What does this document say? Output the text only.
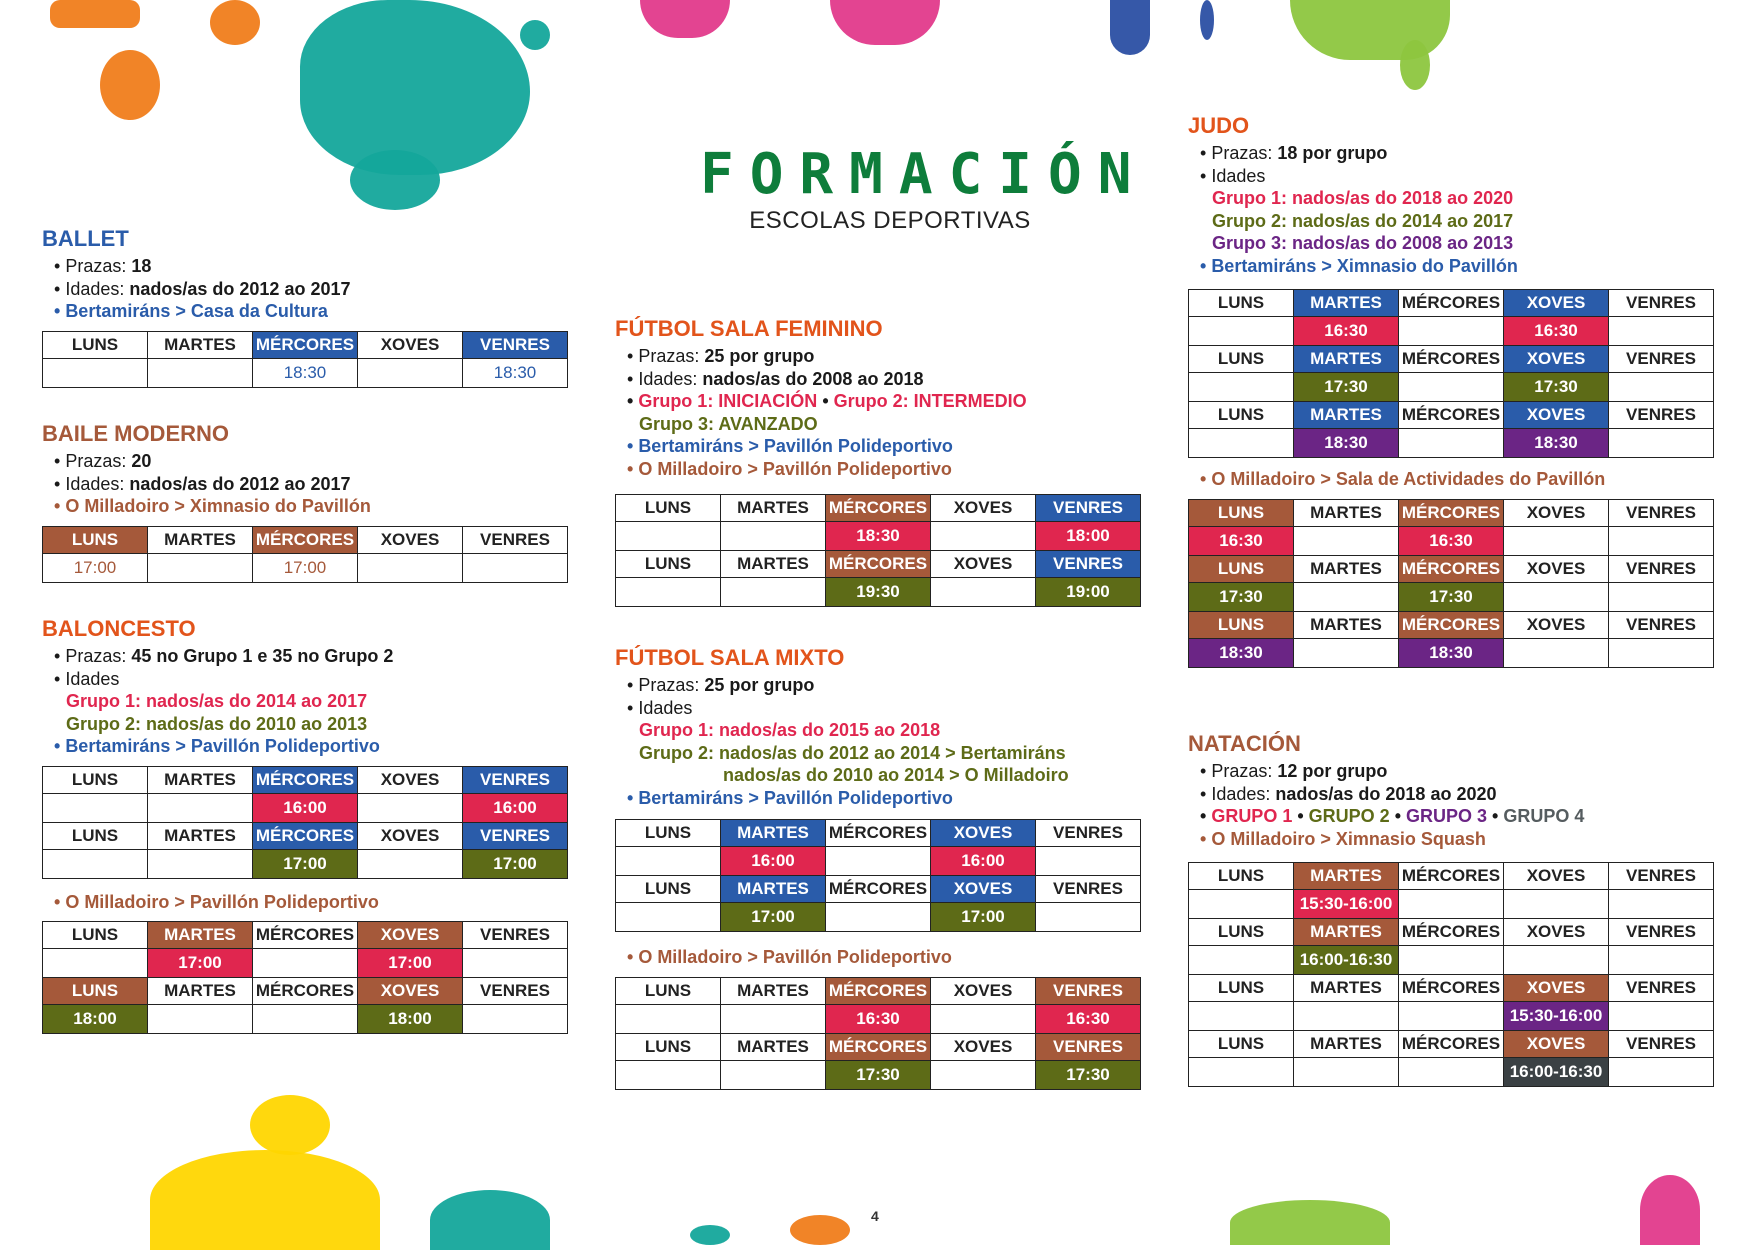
FORMACIÓN
ESCOLAS DEPORTIVAS
BALLET
• Prazas: 18
• Idades: nados/as do 2012 ao 2017
• Bertamiráns > Casa da Cultura
LUNS	MARTES	MÉRCORES	XOVES	VENRES
		18:30		18:30
BAILE MODERNO
• Prazas: 20
• Idades: nados/as do 2012 ao 2017
• O Milladoiro > Ximnasio do Pavillón
LUNS	MARTES	MÉRCORES	XOVES	VENRES
17:00		17:00		
BALONCESTO
• Prazas: 45 no Grupo 1 e 35 no Grupo 2
• Idades
Grupo 1: nados/as do 2014 ao 2017
Grupo 2: nados/as do 2010 ao 2013
• Bertamiráns > Pavillón Polideportivo
LUNS	MARTES	MÉRCORES	XOVES	VENRES
		16:00		16:00
LUNS	MARTES	MÉRCORES	XOVES	VENRES
		17:00		17:00
• O Milladoiro > Pavillón Polideportivo
LUNS	MARTES	MÉRCORES	XOVES	VENRES
	17:00		17:00	
LUNS	MARTES	MÉRCORES	XOVES	VENRES
18:00			18:00	
FÚTBOL SALA FEMININO
• Prazas: 25 por grupo
• Idades: nados/as do 2008 ao 2018
• Grupo 1: INICIACIÓN • Grupo 2: INTERMEDIO
Grupo 3: AVANZADO
• Bertamiráns > Pavillón Polideportivo
• O Milladoiro > Pavillón Polideportivo
LUNS	MARTES	MÉRCORES	XOVES	VENRES
		18:30		18:00
LUNS	MARTES	MÉRCORES	XOVES	VENRES
		19:30		19:00
FÚTBOL SALA MIXTO
• Prazas: 25 por grupo
• Idades
Grupo 1: nados/as do 2015 ao 2018
Grupo 2: nados/as do 2012 ao 2014 > Bertamiráns
nados/as do 2010 ao 2014 > O Milladoiro
• Bertamiráns > Pavillón Polideportivo
LUNS	MARTES	MÉRCORES	XOVES	VENRES
	16:00		16:00	
LUNS	MARTES	MÉRCORES	XOVES	VENRES
	17:00		17:00	
• O Milladoiro > Pavillón Polideportivo
LUNS	MARTES	MÉRCORES	XOVES	VENRES
		16:30		16:30
LUNS	MARTES	MÉRCORES	XOVES	VENRES
		17:30		17:30
JUDO
• Prazas: 18 por grupo
• Idades
Grupo 1: nados/as do 2018 ao 2020
Grupo 2: nados/as do 2014 ao 2017
Grupo 3: nados/as do 2008 ao 2013
• Bertamiráns > Ximnasio do Pavillón
LUNS	MARTES	MÉRCORES	XOVES	VENRES
	16:30		16:30	
LUNS	MARTES	MÉRCORES	XOVES	VENRES
	17:30		17:30	
LUNS	MARTES	MÉRCORES	XOVES	VENRES
	18:30		18:30	
• O Milladoiro > Sala de Actividades do Pavillón
LUNS	MARTES	MÉRCORES	XOVES	VENRES
16:30		16:30		
LUNS	MARTES	MÉRCORES	XOVES	VENRES
17:30		17:30		
LUNS	MARTES	MÉRCORES	XOVES	VENRES
18:30		18:30		
NATACIÓN
• Prazas: 12 por grupo
• Idades: nados/as do 2018 ao 2020
• GRUPO 1 • GRUPO 2 • GRUPO 3 • GRUPO 4
• O Milladoiro > Ximnasio Squash
LUNS	MARTES	MÉRCORES	XOVES	VENRES
	15:30-16:00			
LUNS	MARTES	MÉRCORES	XOVES	VENRES
	16:00-16:30			
LUNS	MARTES	MÉRCORES	XOVES	VENRES
			15:30-16:00	
LUNS	MARTES	MÉRCORES	XOVES	VENRES
			16:00-16:30	
4
